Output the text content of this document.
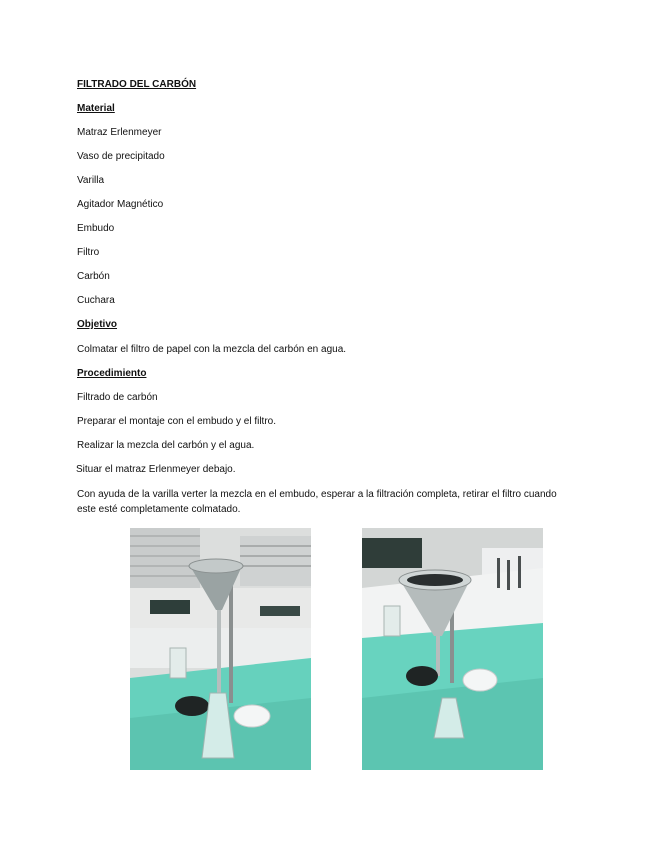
FILTRADO DEL CARBÓN
Material
Matraz Erlenmeyer
Vaso de precipitado
Varilla
Agitador Magnético
Embudo
Filtro
Carbón
Cuchara
Objetivo
Colmatar el filtro de papel con la mezcla del carbón en agua.
Procedimiento
Filtrado de carbón
Preparar el montaje con el embudo y el filtro.
Realizar la mezcla del carbón y el agua.
Situar el matraz Erlenmeyer debajo.
Con ayuda de la varilla verter la mezcla en el embudo, esperar a la filtración completa, retirar el filtro cuando este esté completamente colmatado.
